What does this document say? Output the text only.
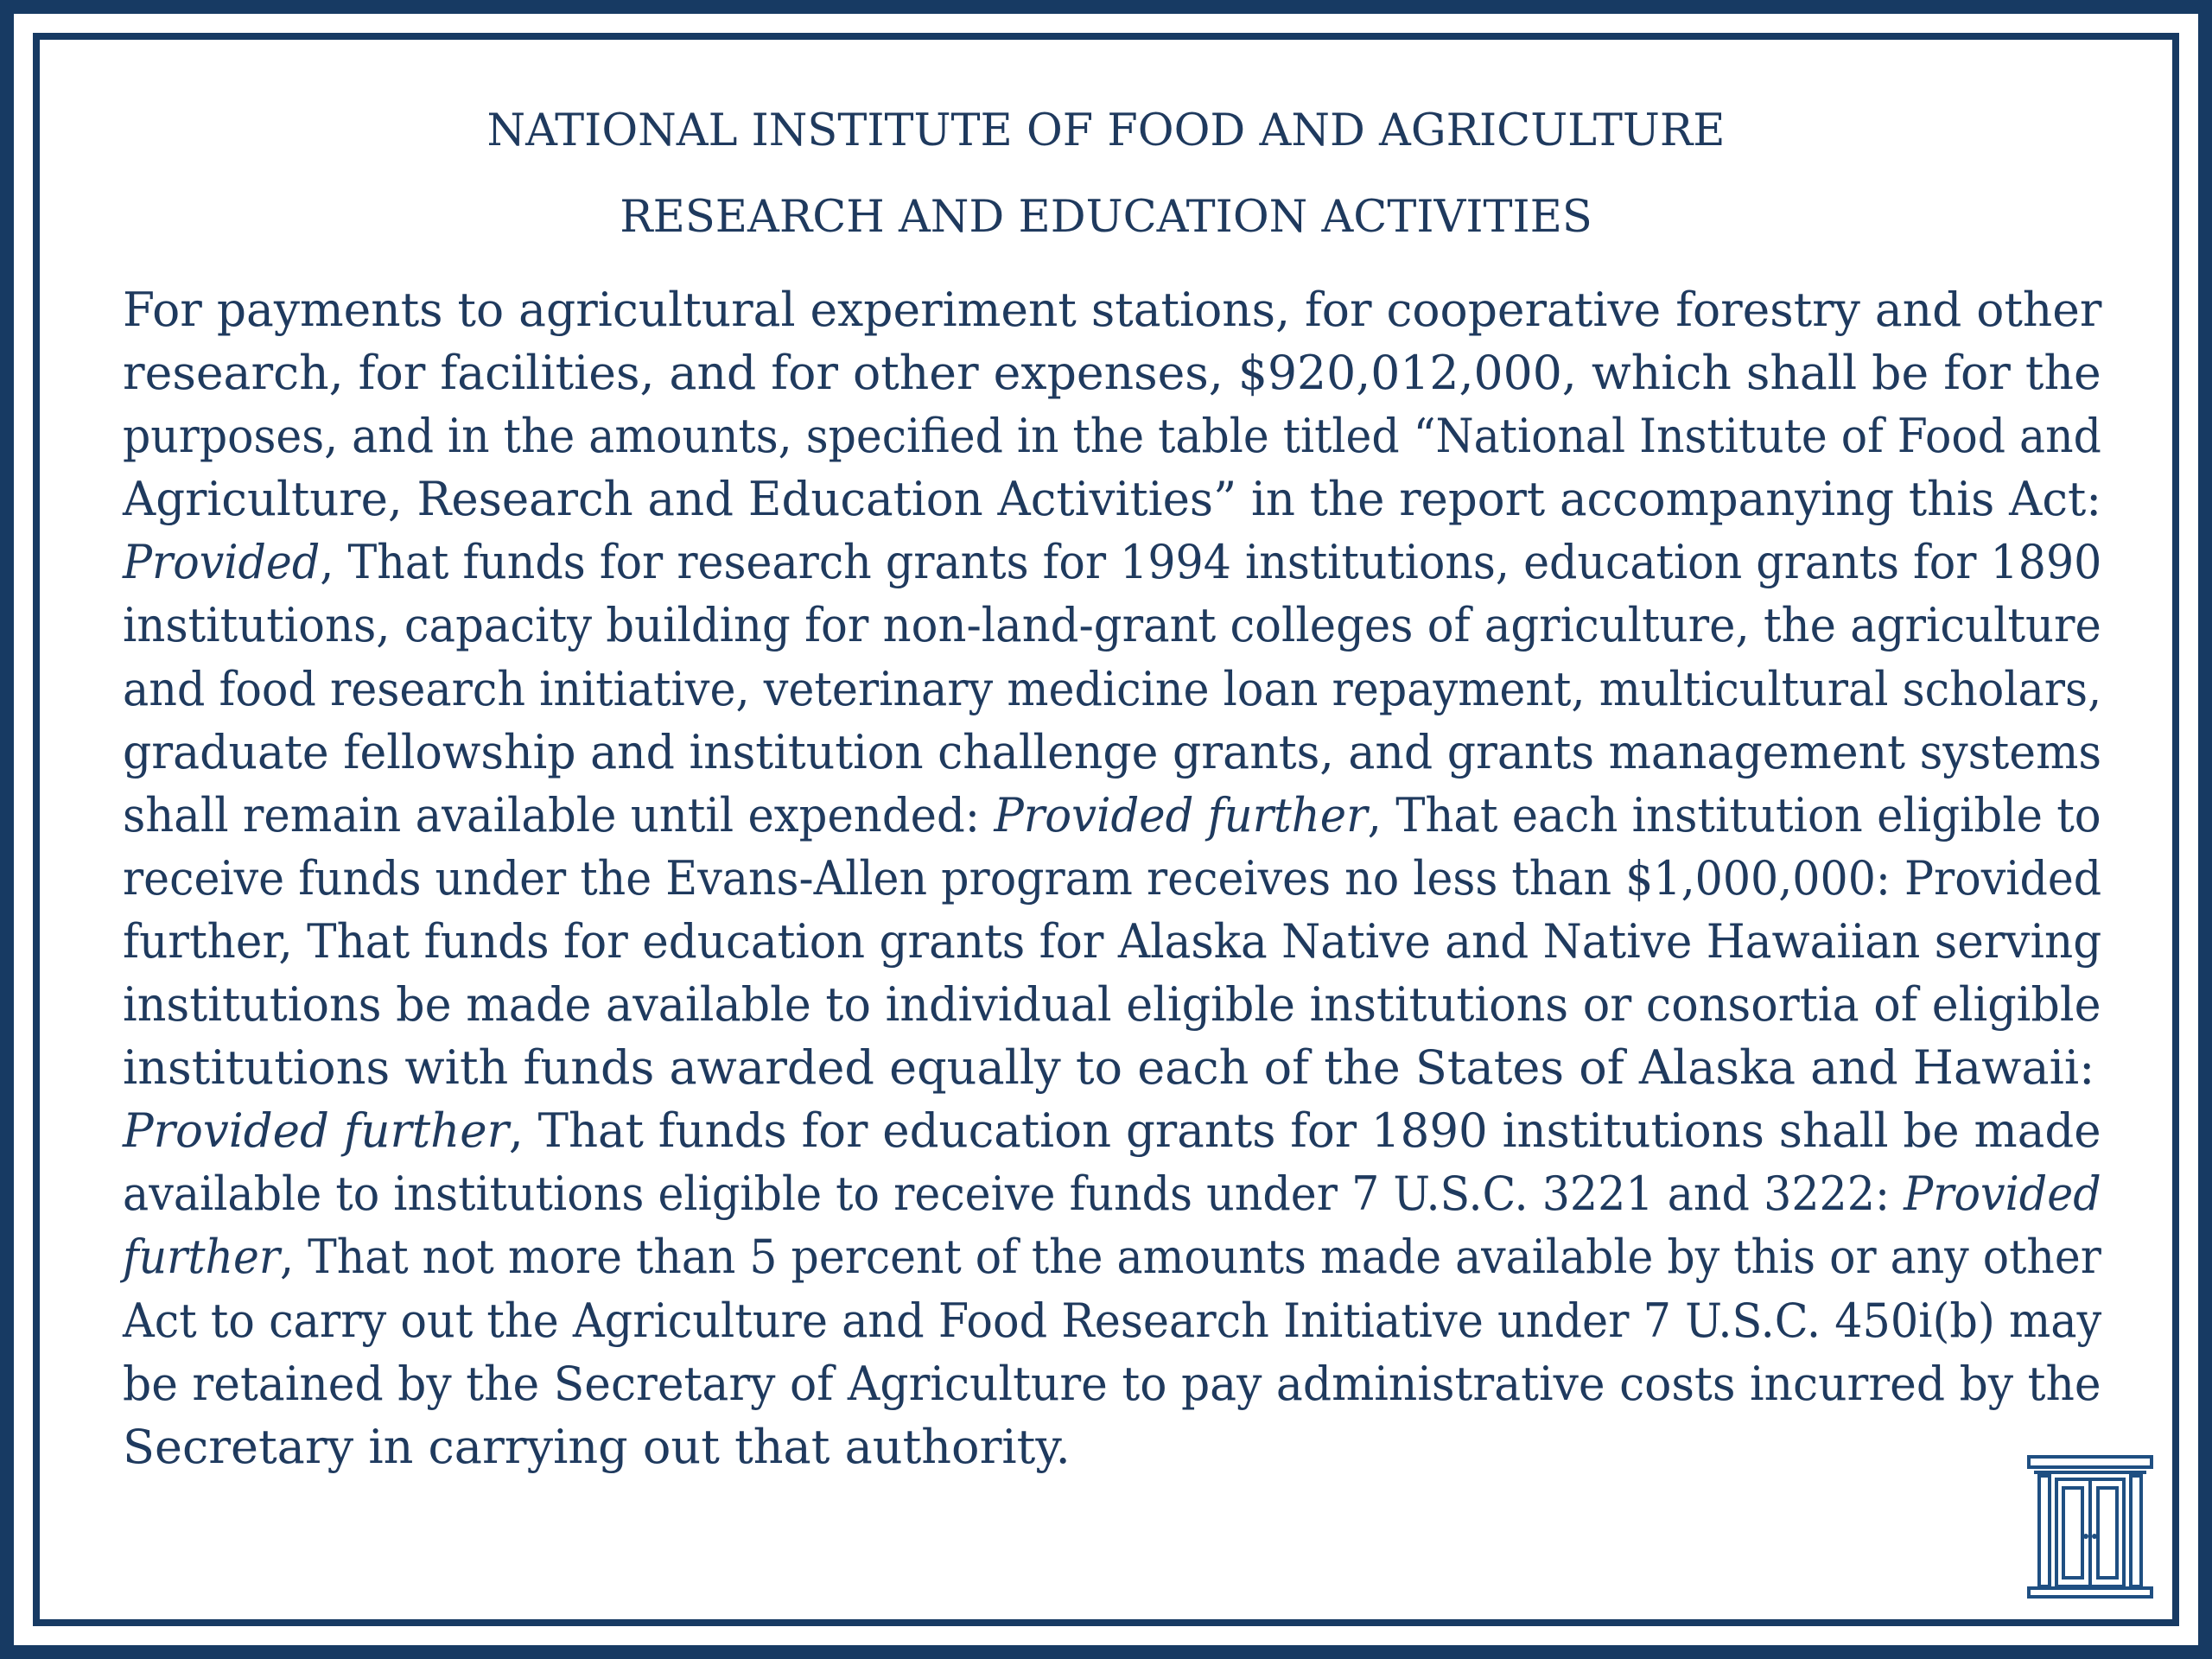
NATIONAL INSTITUTE OF FOOD AND AGRICULTURE
RESEARCH AND EDUCATION ACTIVITIES
For payments to agricultural experiment stations, for cooperative forestry and other
research, for facilities, and for other expenses, $920,012,000, which shall be for the
purposes, and in the amounts, specified in the table titled “National Institute of Food and
Agriculture, Research and Education Activities” in the report accompanying this Act:
Provided, That funds for research grants for 1994 institutions, education grants for 1890
institutions, capacity building for non-land-grant colleges of agriculture, the agriculture
and food research initiative, veterinary medicine loan repayment, multicultural scholars,
graduate fellowship and institution challenge grants, and grants management systems
shall remain available until expended: Provided further, That each institution eligible to
receive funds under the Evans-Allen program receives no less than $1,000,000: Provided
further, That funds for education grants for Alaska Native and Native Hawaiian serving
institutions be made available to individual eligible institutions or consortia of eligible
institutions with funds awarded equally to each of the States of Alaska and Hawaii:
Provided further, That funds for education grants for 1890 institutions shall be made
available to institutions eligible to receive funds under 7 U.S.C. 3221 and 3222: Provided
further, That not more than 5 percent of the amounts made available by this or any other
Act to carry out the Agriculture and Food Research Initiative under 7 U.S.C. 450i(b) may
be retained by the Secretary of Agriculture to pay administrative costs incurred by the
Secretary in carrying out that authority.
